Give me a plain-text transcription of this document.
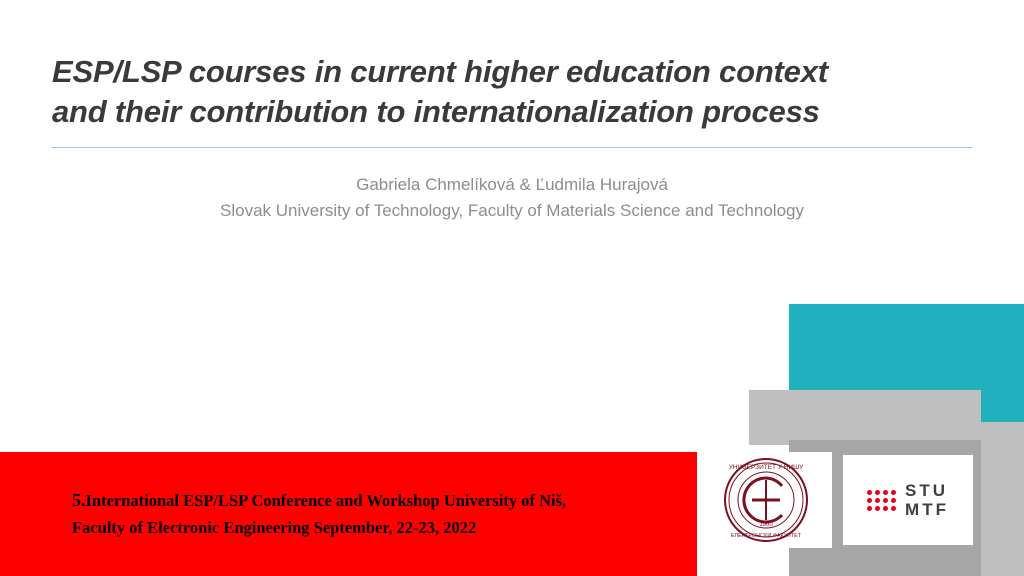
ESP/LSP courses in current higher education context
and their contribution to internationalization process
Gabriela Chmelíková & Ľudmila Hurajová
Slovak University of Technology, Faculty of Materials Science and Technology
5.International ESP/LSP Conference and Workshop University of Niš,
Faculty of Electronic Engineering September, 22-23, 2022
УНИВЕРЗИТЕТ У НИШУ
ЕЛЕКТРОНСКИ ФАКУЛТЕТ
1960
STU
MTF
